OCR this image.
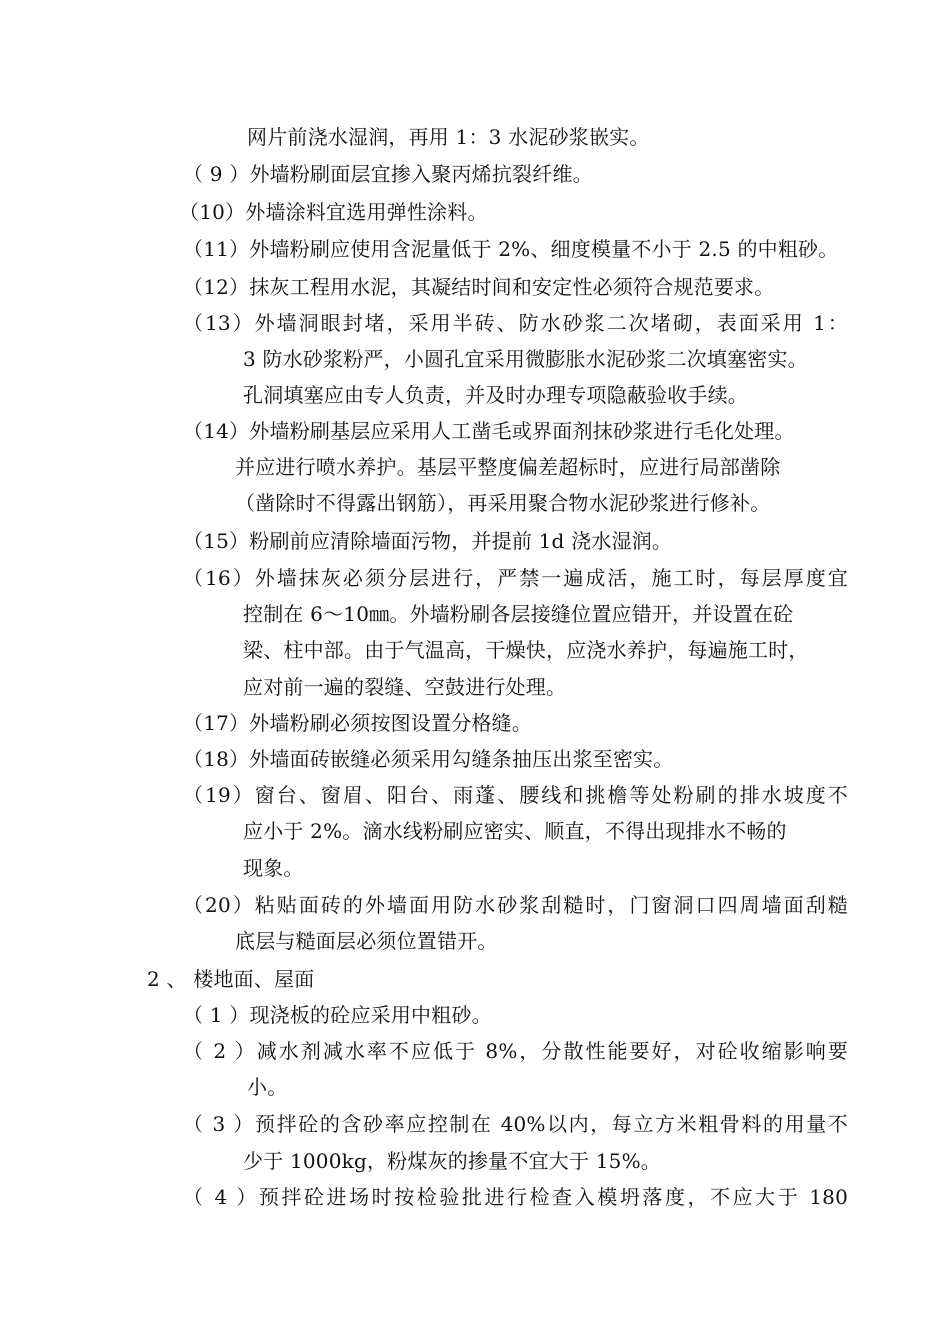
网片前浇水湿润，再用 1：3 水泥砂浆嵌实。
（ 9 ）外墙粉刷面层宜掺入聚丙烯抗裂纤维。
（10）外墙涂料宜选用弹性涂料。
（11）外墙粉刷应使用含泥量低于 2%、细度模量不小于 2.5 的中粗砂。
（12）抹灰工程用水泥，其凝结时间和安定性必须符合规范要求。
（13）外墙洞眼封堵，采用半砖、防水砂浆二次堵砌，表面采用 1：
3 防水砂浆粉严，小圆孔宜采用微膨胀水泥砂浆二次填塞密实。
孔洞填塞应由专人负责，并及时办理专项隐蔽验收手续。
（14）外墙粉刷基层应采用人工凿毛或界面剂抹砂浆进行毛化处理。
并应进行喷水养护。基层平整度偏差超标时，应进行局部凿除
（凿除时不得露出钢筋），再采用聚合物水泥砂浆进行修补。
（15）粉刷前应清除墙面污物，并提前 1d 浇水湿润。
（16）外墙抹灰必须分层进行，严禁一遍成活，施工时，每层厚度宜
控制在 6～10㎜。外墙粉刷各层接缝位置应错开，并设置在砼
梁、柱中部。由于气温高，干燥快，应浇水养护，每遍施工时，
应对前一遍的裂缝、空鼓进行处理。
（17）外墙粉刷必须按图设置分格缝。
（18）外墙面砖嵌缝必须采用勾缝条抽压出浆至密实。
（19）窗台、窗眉、阳台、雨蓬、腰线和挑檐等处粉刷的排水坡度不
应小于 2%。滴水线粉刷应密实、顺直，不得出现排水不畅的
现象。
（20）粘贴面砖的外墙面用防水砂浆刮糙时，门窗洞口四周墙面刮糙
底层与糙面层必须位置错开。
2 、 楼地面、屋面
（ 1 ）现浇板的砼应采用中粗砂。
（ 2 ）减水剂减水率不应低于 8%，分散性能要好，对砼收缩影响要
小。
（ 3 ）预拌砼的含砂率应控制在 40%以内，每立方米粗骨料的用量不
少于 1000kg，粉煤灰的掺量不宜大于 15%。
（ 4 ）预拌砼进场时按检验批进行检查入模坍落度，不应大于 180
